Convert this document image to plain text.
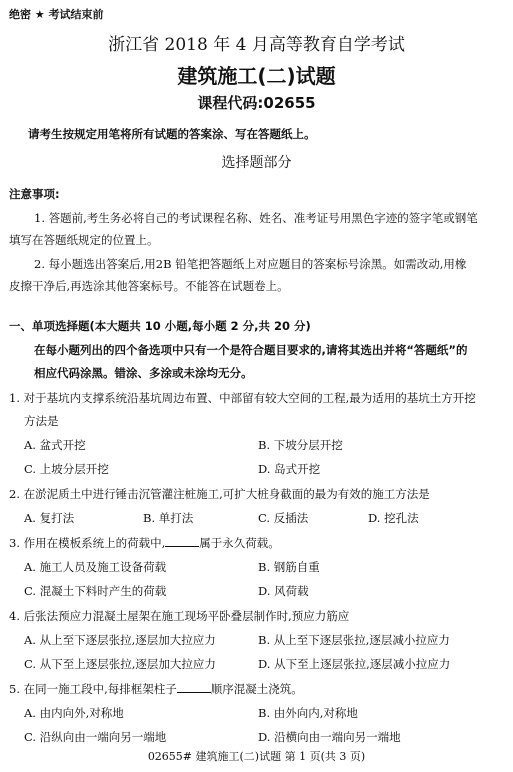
绝密 ★ 考试结束前
浙江省 2018 年 4 月高等教育自学考试
建筑施工(二)试题
课程代码:02655
请考生按规定用笔将所有试题的答案涂、写在答题纸上。
选择题部分
注意事项:
1. 答题前,考生务必将自己的考试课程名称、姓名、准考证号用黑色字迹的签字笔或钢笔
填写在答题纸规定的位置上。
2. 每小题选出答案后,用2B 铅笔把答题纸上对应题目的答案标号涂黑。如需改动,用橡
皮擦干净后,再选涂其他答案标号。不能答在试题卷上。
一、单项选择题(本大题共 10 小题,每小题 2 分,共 20 分)
在每小题列出的四个备选项中只有一个是符合题目要求的,请将其选出并将“答题纸”的
相应代码涂黑。错涂、多涂或未涂均无分。
1. 对于基坑内支撑系统沿基坑周边布置、中部留有较大空间的工程,最为适用的基坑土方开挖
方法是
A. 盆式开挖	B. 下坡分层开挖
C. 上坡分层开挖	D. 岛式开挖
2. 在淤泥质土中进行锤击沉管灌注桩施工,可扩大桩身截面的最为有效的施工方法是
A. 复打法	B. 单打法	C. 反插法	D. 挖孔法
3. 作用在模板系统上的荷载中,	属于永久荷载。
A. 施工人员及施工设备荷载	B. 钢筋自重
C. 混凝土下料时产生的荷载	D. 风荷载
4. 后张法预应力混凝土屋架在施工现场平卧叠层制作时,预应力筋应
A. 从上至下逐层张拉,逐层加大拉应力	B. 从上至下逐层张拉,逐层减小拉应力
C. 从下至上逐层张拉,逐层加大拉应力	D. 从下至上逐层张拉,逐层减小拉应力
5. 在同一施工段中,每排框架柱子	顺序混凝土浇筑。
A. 由内向外,对称地	B. 由外向内,对称地
C. 沿纵向由一端向另一端地	D. 沿横向由一端向另一端地
02655# 建筑施工(二)试题 第 1 页(共 3 页)
